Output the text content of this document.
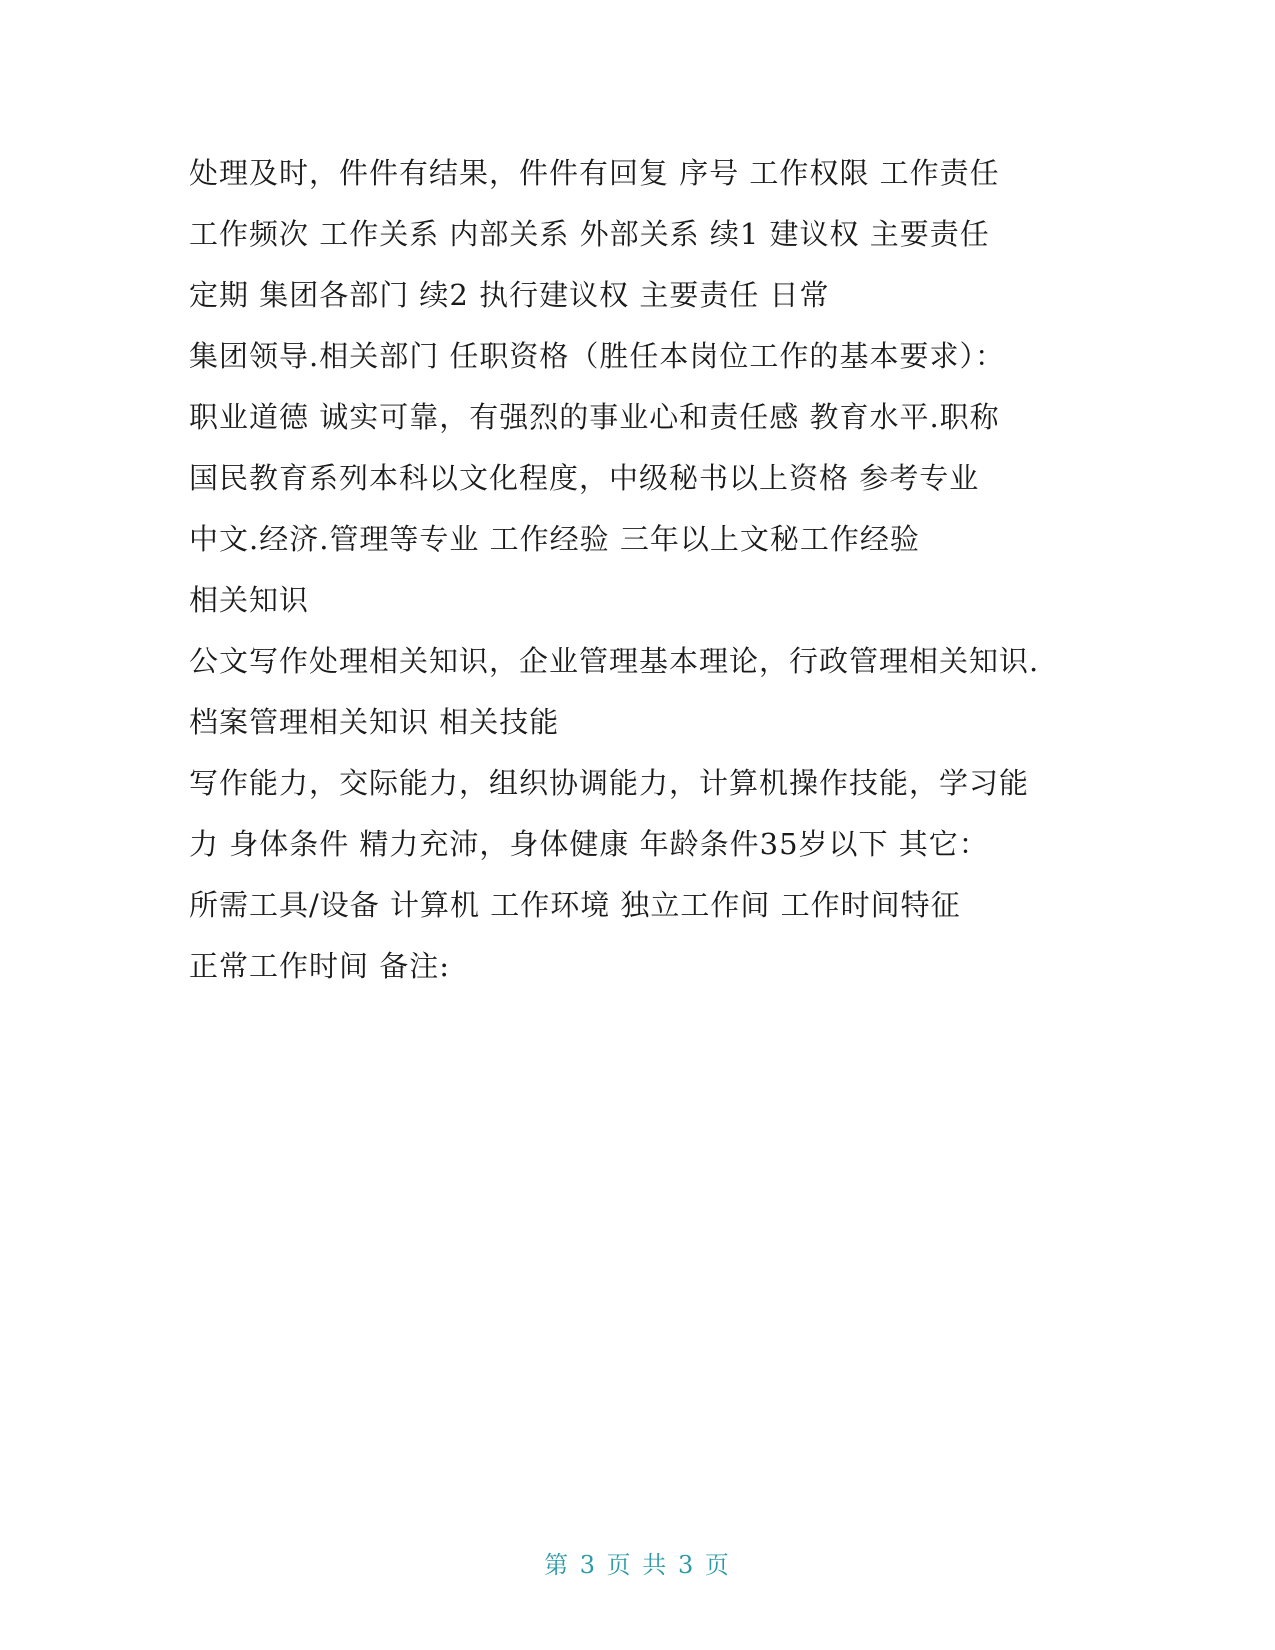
处理及时，件件有结果，件件有回复 序号 工作权限 工作责任
工作频次 工作关系 内部关系 外部关系 续1 建议权 主要责任
定期 集团各部门 续2 执行建议权 主要责任 日常
集团领导.相关部门 任职资格（胜任本岗位工作的基本要求）：
职业道德 诚实可靠，有强烈的事业心和责任感 教育水平.职称
国民教育系列本科以文化程度，中级秘书以上资格 参考专业
中文.经济.管理等专业 工作经验 三年以上文秘工作经验
相关知识
公文写作处理相关知识，企业管理基本理论，行政管理相关知识.
档案管理相关知识 相关技能
写作能力，交际能力，组织协调能力，计算机操作技能，学习能
力 身体条件 精力充沛，身体健康 年龄条件35岁以下 其它：
所需工具/设备 计算机 工作环境 独立工作间 工作时间特征
正常工作时间 备注:
第 3 页 共 3 页
